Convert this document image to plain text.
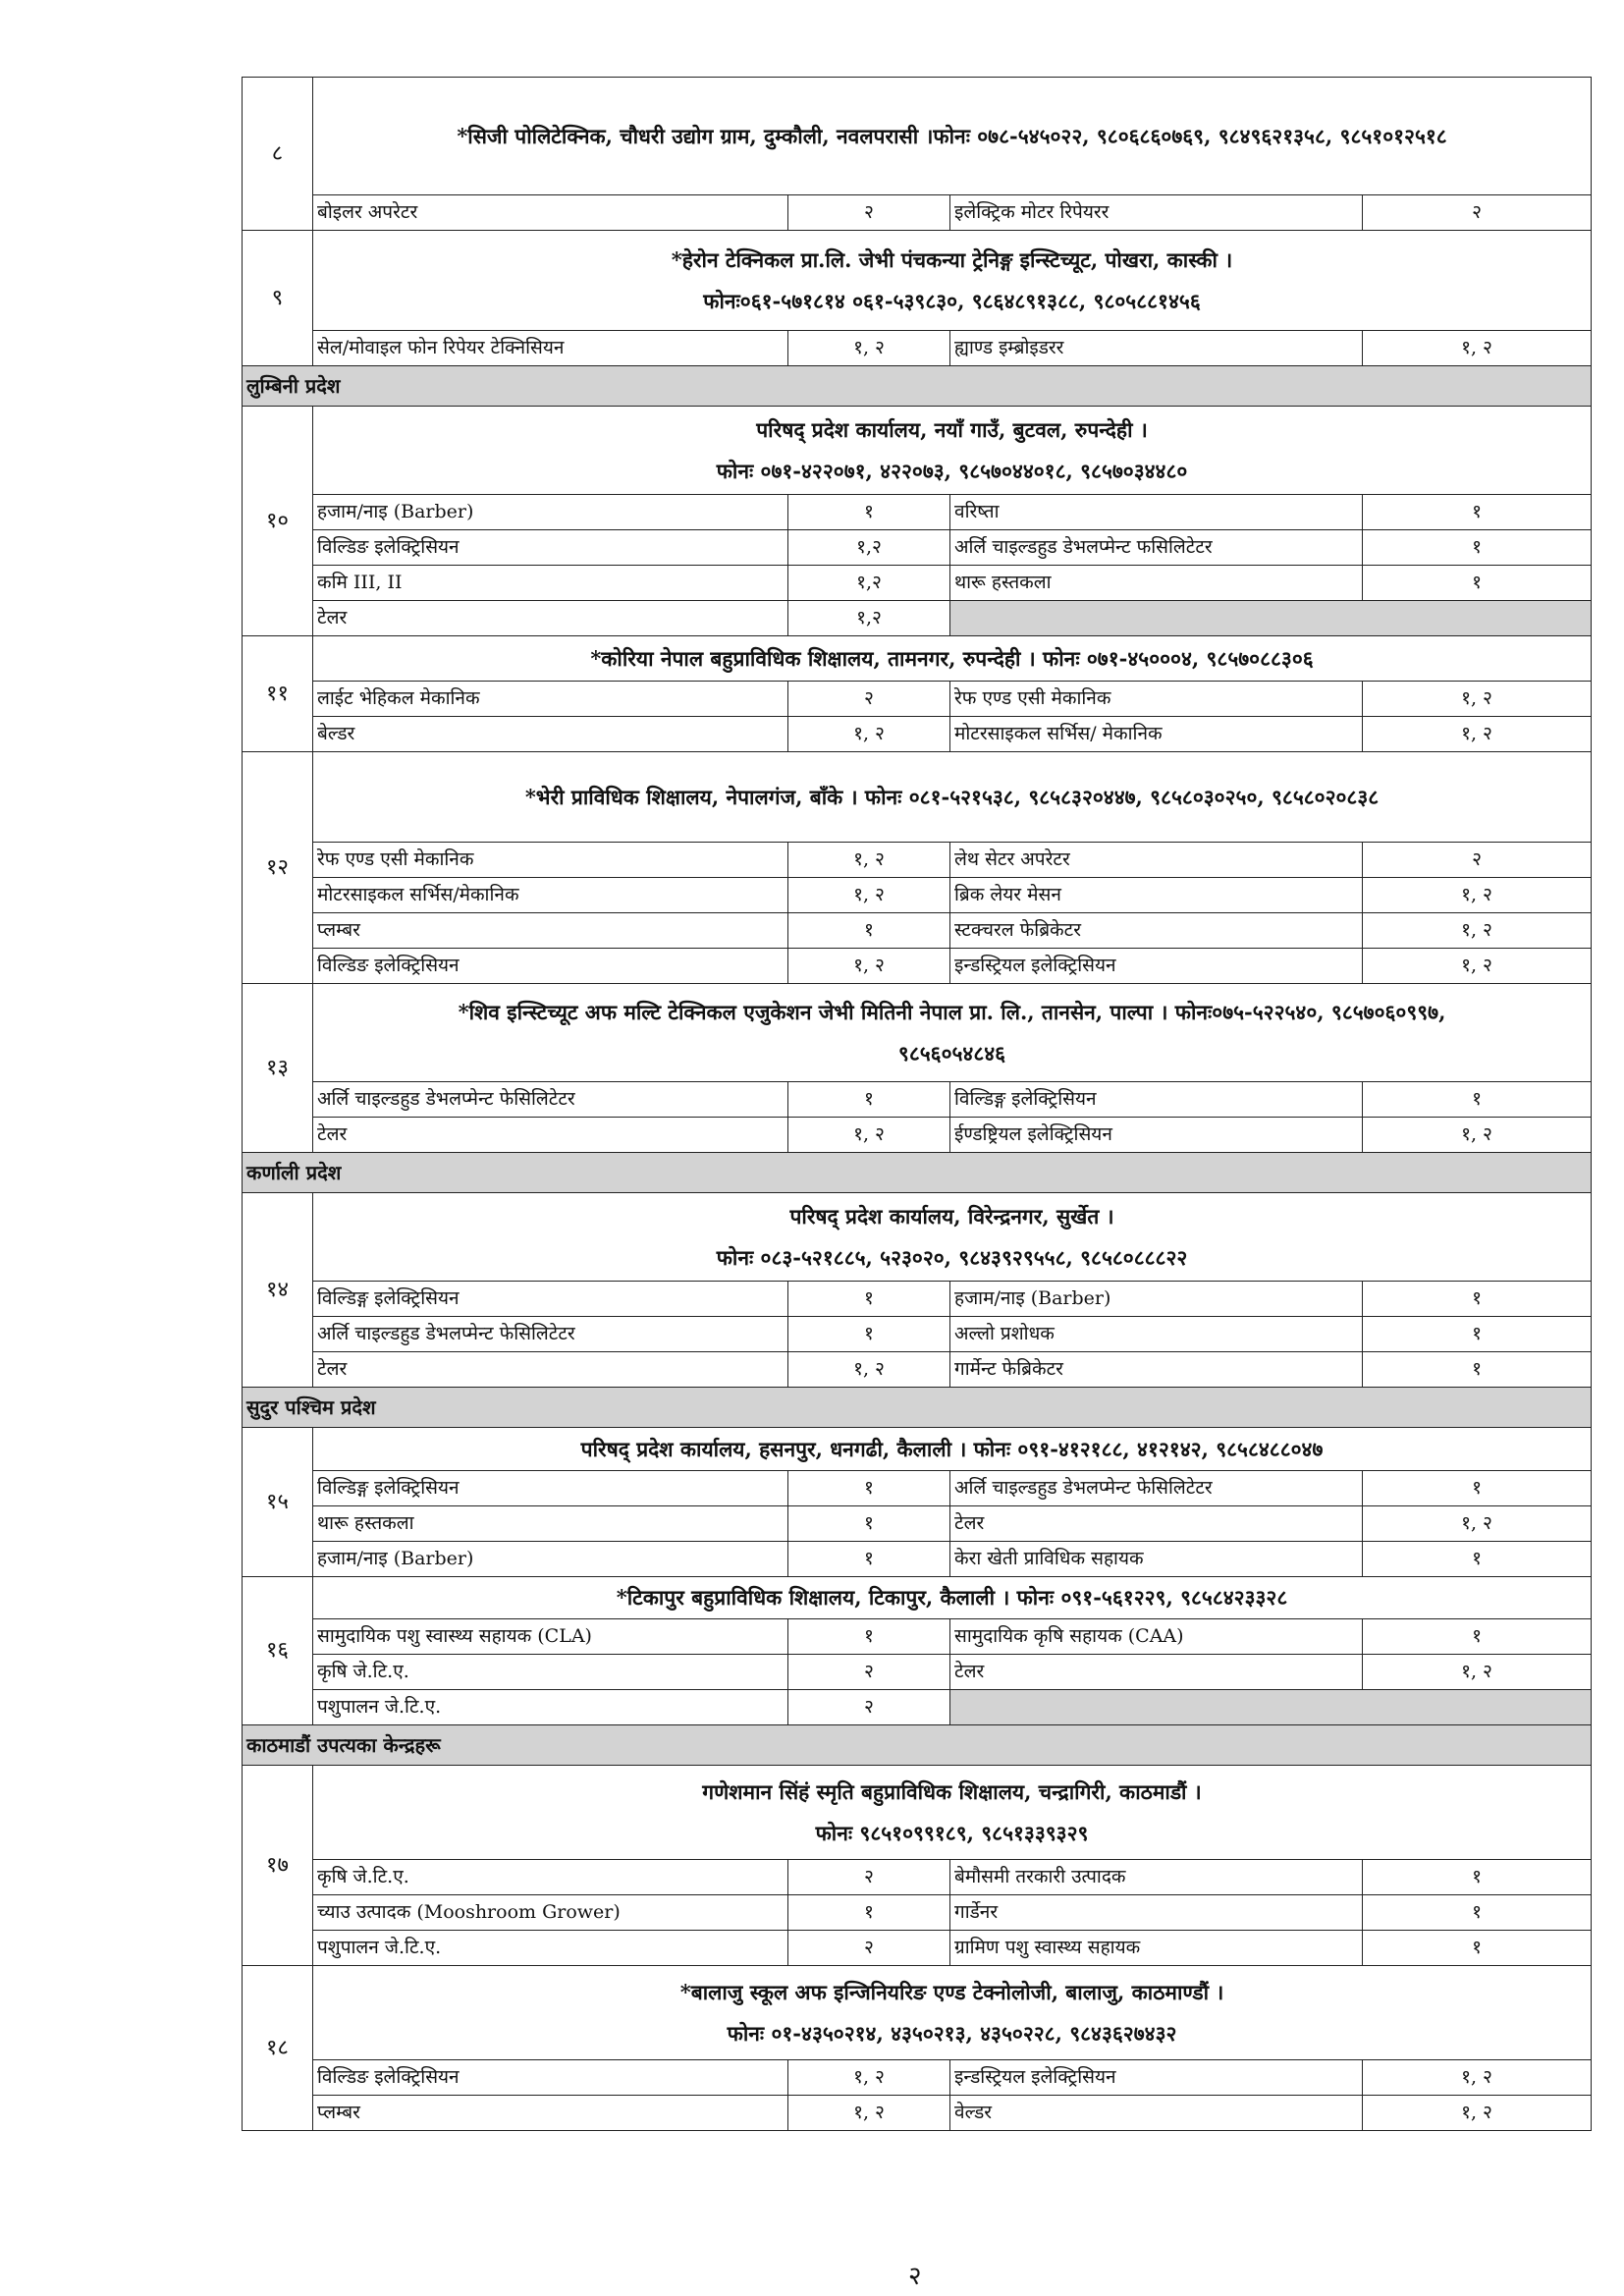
८	*सिजी पोलिटेक्निक, चौधरी उद्योग ग्राम, दुम्कौली, नवलपरासी ।फोनः ०७८-५४५०२२, ९८०६८६०७६९, ९८४९६२१३५८, ९८५१०१२५१८			

	बोइलर अपरेटर	२	इलेक्ट्रिक मोटर रिपेयरर	२
९	*हेरोन टेक्निकल प्रा.लि. जेभी पंचकन्या ट्रेनिङ्ग इन्स्टिच्यूट, पोखरा, कास्की ।
फोनः०६१-५७१८१४ ०६१-५३९८३०, ९८६४८९१३८८, ९८०५८८१४५६			

	सेल/मोवाइल फोन रिपेयर टेक्निसियन	१, २	ह्याण्ड इम्ब्रोइडरर	१, २
लुम्बिनी प्रदेश				
१०	परिषद् प्रदेश कार्यालय, नयाँ गाउँ, बुटवल, रुपन्देही ।
फोनः ०७१-४२२०७१, ४२२०७३, ९८५७०४४०१८, ९८५७०३४४८०			

	हजाम/नाइ (Barber)	१	वरिष्ता	१
	विल्डिङ इलेक्ट्रिसियन	१,२	अर्लि चाइल्डहुड डेभलप्मेन्ट फसिलिटेटर	१
	कमि III, II	१,२	थारू हस्तकला	१
	टेलर	१,२		
११	*कोरिया नेपाल बहुप्राविधिक शिक्षालय, तामनगर, रुपन्देही । फोनः ०७१-४५०००४, ९८५७०८८३०६			

	लाईट भेहिकल मेकानिक	२	रेफ एण्ड एसी मेकानिक	१, २
	बेल्डर	१, २	मोटरसाइकल सर्भिस/ मेकानिक	१, २
१२	*भेरी प्राविधिक शिक्षालय, नेपालगंज, बाँके । फोनः ०८१-५२१५३८, ९८५८३२०४४७, ९८५८०३०२५०, ९८५८०२०८३८			

	रेफ एण्ड एसी मेकानिक	१, २	लेथ सेटर अपरेटर	२
	मोटरसाइकल सर्भिस/मेकानिक	१, २	ब्रिक लेयर मेसन	१, २
	प्लम्बर	१	स्टक्चरल फेब्रिकेटर	१, २
	विल्डिङ इलेक्ट्रिसियन	१, २	इन्डस्ट्रियल इलेक्ट्रिसियन	१, २
१३	*शिव इन्स्टिच्यूट अफ मल्टि टेक्निकल एजुकेशन जेभी मितिनी नेपाल प्रा. लि., तानसेन, पाल्पा । फोनः०७५-५२२५४०, ९८५७०६०९९७,
९८५६०५४८४६			

	अर्लि चाइल्डहुड डेभलप्मेन्ट फेसिलिटेटर	१	विल्डिङ्ग इलेक्ट्रिसियन	१
	टेलर	१, २	ईण्डष्ट्रियल इलेक्ट्रिसियन	१, २
कर्णाली प्रदेश				
१४	परिषद् प्रदेश कार्यालय, विरेन्द्रनगर, सुर्खेत ।
फोनः ०८३-५२१८८५, ५२३०२०, ९८४३९२९५५८, ९८५८०८८८२२			

	विल्डिङ्ग इलेक्ट्रिसियन	१	हजाम/नाइ (Barber)	१
	अर्लि चाइल्डहुड डेभलप्मेन्ट फेसिलिटेटर	१	अल्लो प्रशोधक	१
	टेलर	१, २	गार्मेन्ट फेब्रिकेटर	१
सुदुर पश्चिम प्रदेश				
१५	परिषद् प्रदेश कार्यालय, हसनपुर, धनगढी, कैलाली । फोनः ०९१-४१२१८८, ४१२१४२, ९८५८४८८०४७			

	विल्डिङ्ग इलेक्ट्रिसियन	१	अर्लि चाइल्डहुड डेभलप्मेन्ट फेसिलिटेटर	१
	थारू हस्तकला	१	टेलर	१, २
	हजाम/नाइ (Barber)	१	केरा खेती प्राविधिक सहायक	१
१६	*टिकापुर बहुप्राविधिक शिक्षालय, टिकापुर, कैलाली । फोनः ०९१-५६१२२९, ९८५८४२३३२८			

	सामुदायिक पशु स्वास्थ्य सहायक (CLA)	१	सामुदायिक कृषि सहायक (CAA)	१
	कृषि जे.टि.ए.	२	टेलर	१, २
	पशुपालन जे.टि.ए.	२		
काठमाडौं उपत्यका केन्द्रहरू				
१७	गणेशमान सिंहं स्मृति बहुप्राविधिक शिक्षालय, चन्द्रागिरी, काठमाडौं ।
फोनः ९८५१०९९१८९, ९८५१३३९३२९			

	कृषि जे.टि.ए.	२	बेमौसमी तरकारी उत्पादक	१
	च्याउ उत्पादक (Mooshroom Grower)	१	गार्डेनर	१
	पशुपालन जे.टि.ए.	२	ग्रामिण पशु स्वास्थ्य सहायक	१
१८	*बालाजु स्कूल अफ इन्जिनियरिङ एण्ड टेक्नोलोजी, बालाजु, काठमाण्डौं ।
फोनः ०१-४३५०२१४, ४३५०२१३, ४३५०२२८, ९८४३६२७४३२			

	विल्डिङ इलेक्ट्रिसियन	१, २	इन्डस्ट्रियल इलेक्ट्रिसियन	१, २
	प्लम्बर	१, २	वेल्डर	१, २
२
